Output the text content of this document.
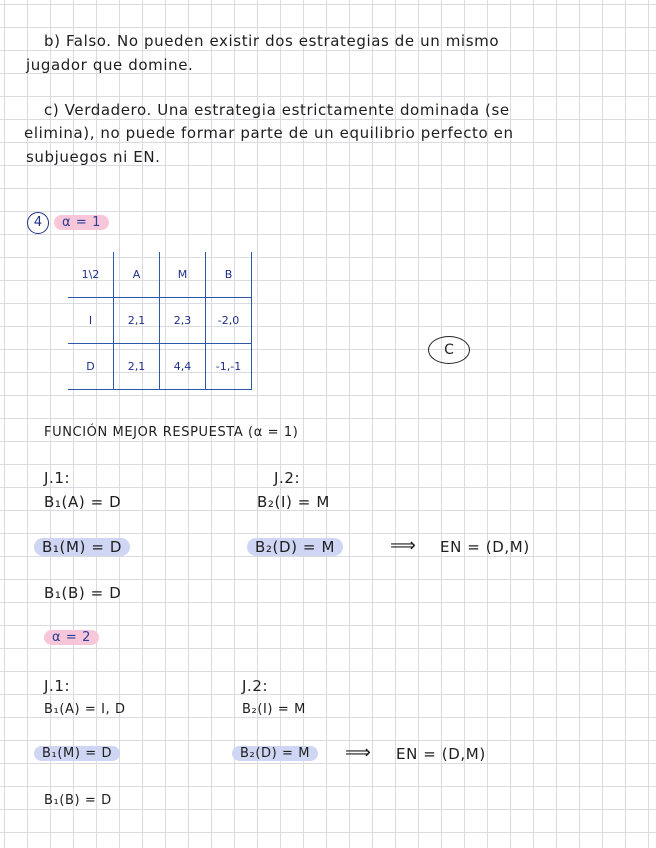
b) Falso. No pueden existir dos estrategias de un mismo
jugador que domine.
c) Verdadero. Una estrategia estrictamente dominada (se
elimina), no puede formar parte de un equilibrio perfecto en
subjuegos ni EN.
4	α = 1
1\2	A	M	B
I	2,1	2,3	-2,0
D	2,1	4,4	-1,-1
C
FUNCIÓN MEJOR RESPUESTA (α = 1)
J.1:	J.2:
B₁(A) = D	B₂(I) = M
B₁(M) = D	B₂(D) = M	⟹ EN = (D,M)
B₁(B) = D
α = 2
J.1:	J.2:
B₁(A) = I, D	B₂(I) = M
B₁(M) = D	B₂(D) = M	⟹ EN = (D,M)
B₁(B) = D
